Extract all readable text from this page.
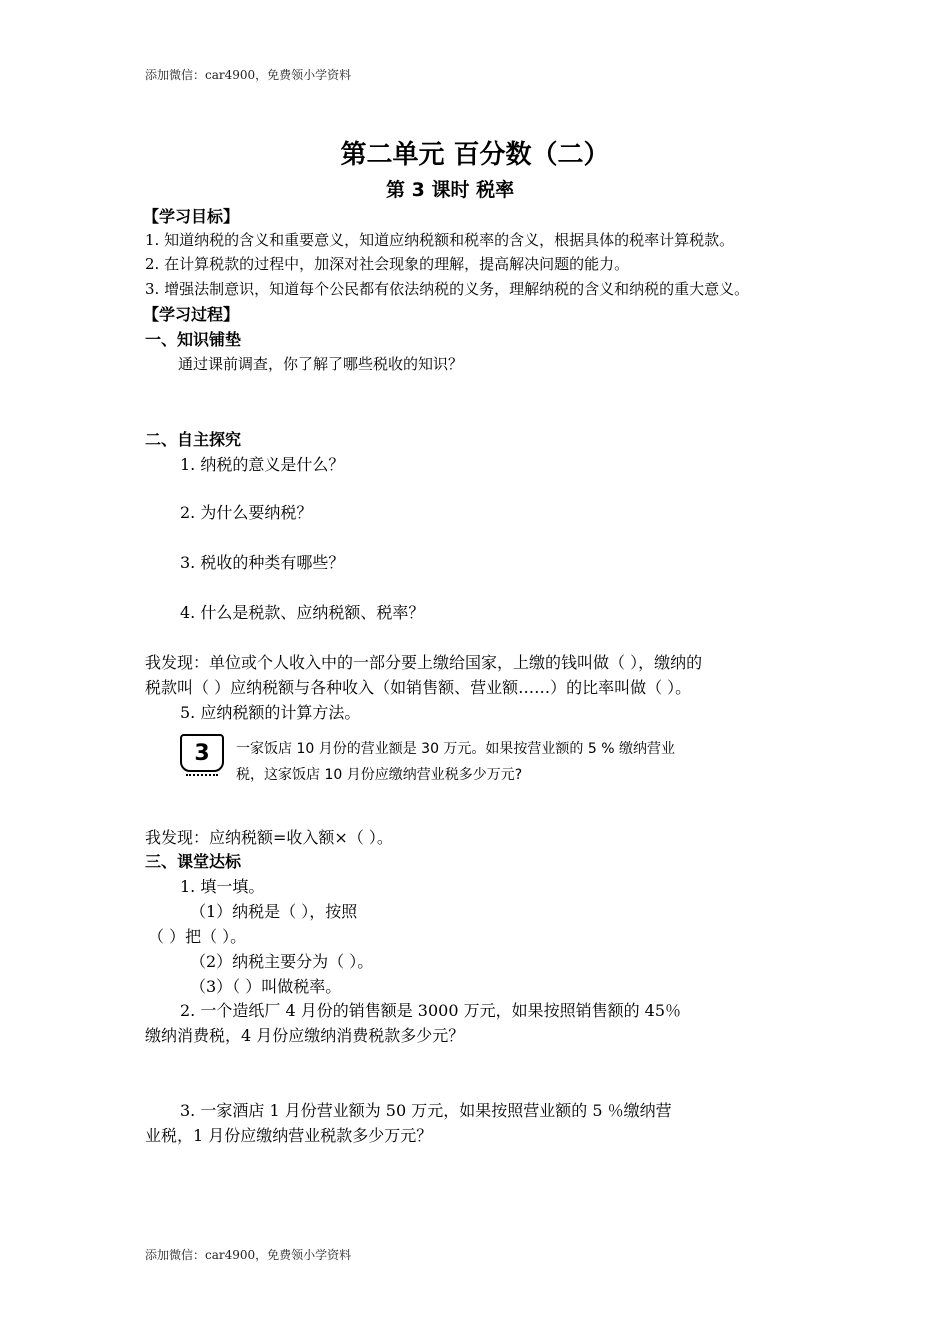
添加微信：car4900，免费领小学资料
第二单元 百分数（二）
第 3 课时 税率
【学习目标】
1. 知道纳税的含义和重要意义，知道应纳税额和税率的含义，根据具体的税率计算税款。
2. 在计算税款的过程中，加深对社会现象的理解，提高解决问题的能力。
3. 增强法制意识，知道每个公民都有依法纳税的义务，理解纳税的含义和纳税的重大意义。
【学习过程】
一、知识铺垫
通过课前调查，你了解了哪些税收的知识？
二、自主探究
1. 纳税的意义是什么？
2. 为什么要纳税？
3. 税收的种类有哪些？
4. 什么是税款、应纳税额、税率？
我发现：单位或个人收入中的一部分要上缴给国家，上缴的钱叫做（ ），缴纳的
税款叫（ ）应纳税额与各种收入（如销售额、营业额……）的比率叫做（ ）。
5. 应纳税额的计算方法。
3	一家饭店 10 月份的营业额是 30 万元。如果按营业额的 5 % 缴纳营业
税，这家饭店 10 月份应缴纳营业税多少万元?
我发现：应纳税额=收入额×（ ）。
三、课堂达标
1. 填一填。
（1）纳税是（ ），按照
（ ）把（ ）。
（2）纳税主要分为（ ）。
（3）（ ）叫做税率。
2. 一个造纸厂 4 月份的销售额是 3000 万元，如果按照销售额的 45％
缴纳消费税，4 月份应缴纳消费税款多少元？
3. 一家酒店 1 月份营业额为 50 万元，如果按照营业额的 5 ％缴纳营
业税，1 月份应缴纳营业税款多少万元？
添加微信：car4900，免费领小学资料
